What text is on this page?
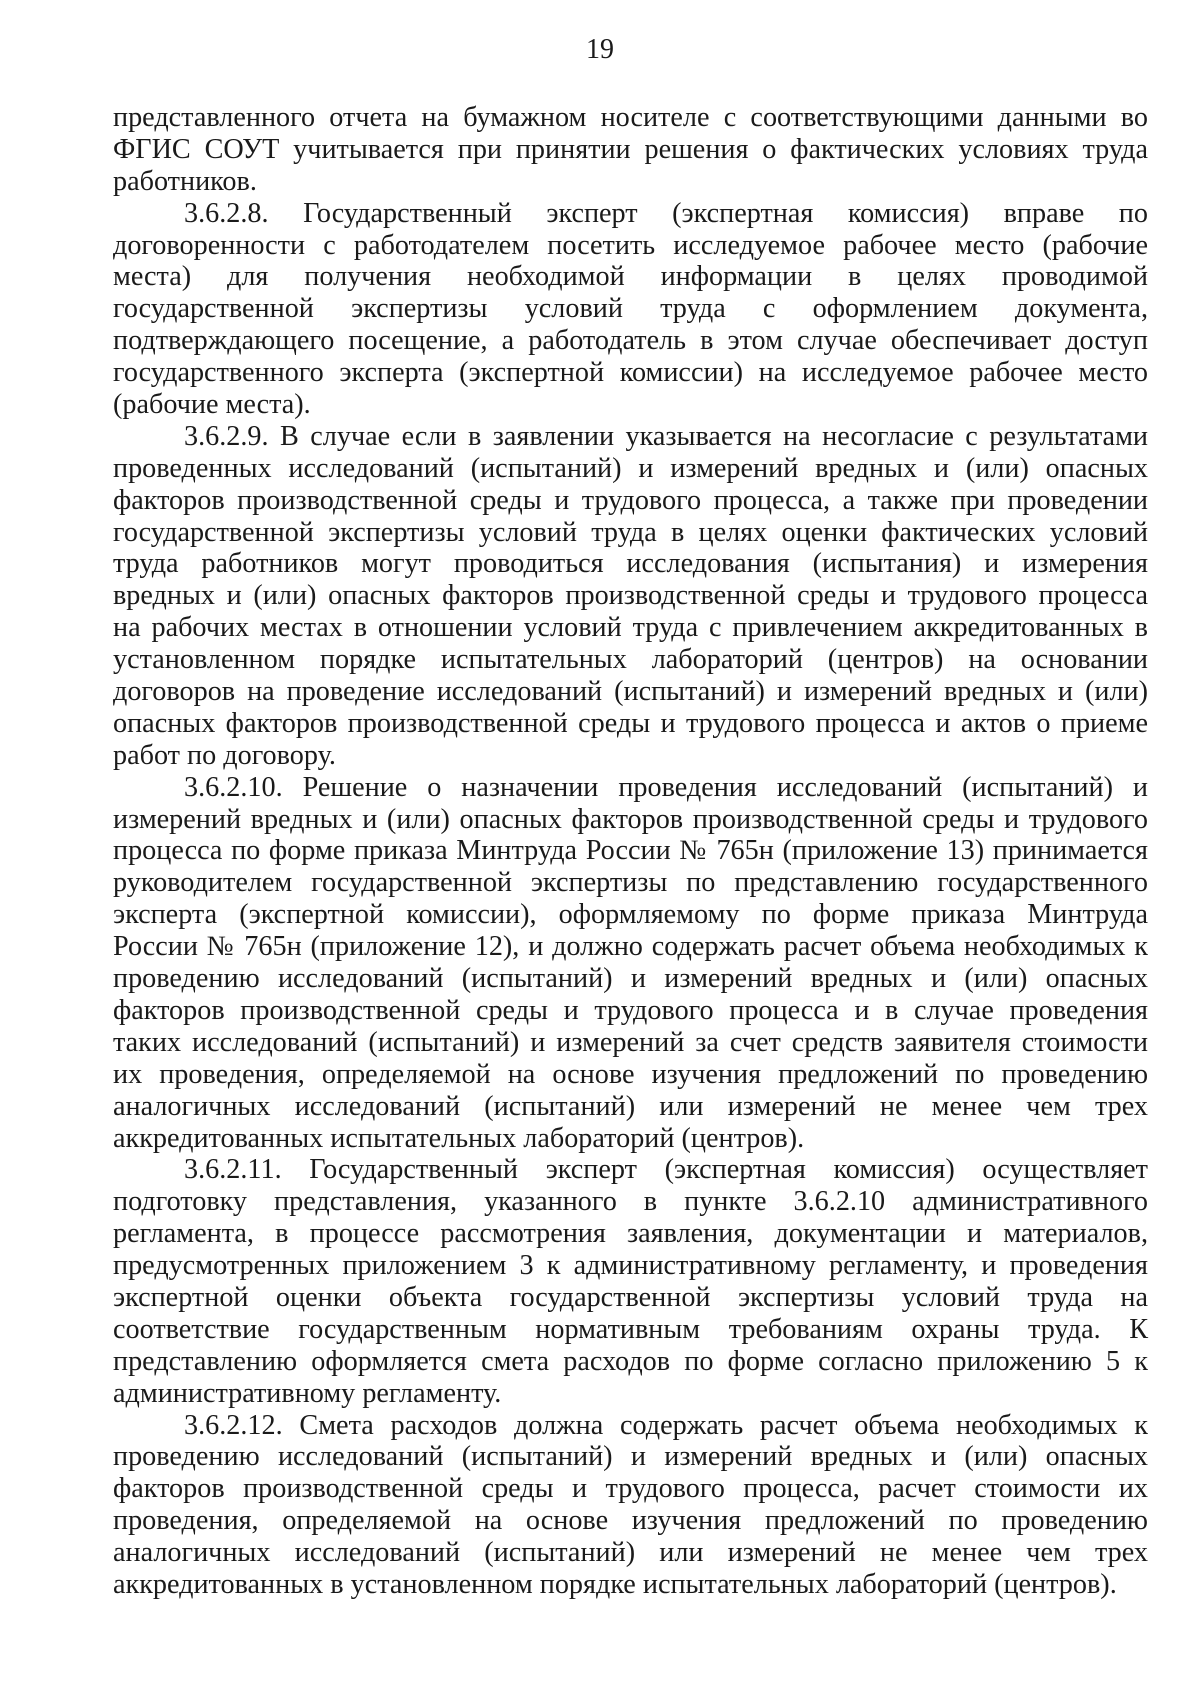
19
представленного отчета на бумажном носителе с соответствующими данными во
ФГИС СОУТ учитывается при принятии решения о фактических условиях труда
работников.
3.6.2.8. Государственный эксперт (экспертная комиссия) вправе по
договоренности с работодателем посетить исследуемое рабочее место (рабочие
места) для получения необходимой информации в целях проводимой
государственной экспертизы условий труда с оформлением документа,
подтверждающего посещение, а работодатель в этом случае обеспечивает доступ
государственного эксперта (экспертной комиссии) на исследуемое рабочее место
(рабочие места).
3.6.2.9. В случае если в заявлении указывается на несогласие с результатами
проведенных исследований (испытаний) и измерений вредных и (или) опасных
факторов производственной среды и трудового процесса, а также при проведении
государственной экспертизы условий труда в целях оценки фактических условий
труда работников могут проводиться исследования (испытания) и измерения
вредных и (или) опасных факторов производственной среды и трудового процесса
на рабочих местах в отношении условий труда с привлечением аккредитованных в
установленном порядке испытательных лабораторий (центров) на основании
договоров на проведение исследований (испытаний) и измерений вредных и (или)
опасных факторов производственной среды и трудового процесса и актов о приеме
работ по договору.
3.6.2.10. Решение о назначении проведения исследований (испытаний) и
измерений вредных и (или) опасных факторов производственной среды и трудового
процесса по форме приказа Минтруда России № 765н (приложение 13) принимается
руководителем государственной экспертизы по представлению государственного
эксперта (экспертной комиссии), оформляемому по форме приказа Минтруда
России № 765н (приложение 12), и должно содержать расчет объема необходимых к
проведению исследований (испытаний) и измерений вредных и (или) опасных
факторов производственной среды и трудового процесса и в случае проведения
таких исследований (испытаний) и измерений за счет средств заявителя стоимости
их проведения, определяемой на основе изучения предложений по проведению
аналогичных исследований (испытаний) или измерений не менее чем трех
аккредитованных испытательных лабораторий (центров).
3.6.2.11. Государственный эксперт (экспертная комиссия) осуществляет
подготовку представления, указанного в пункте 3.6.2.10 административного
регламента, в процессе рассмотрения заявления, документации и материалов,
предусмотренных приложением 3 к административному регламенту, и проведения
экспертной оценки объекта государственной экспертизы условий труда на
соответствие государственным нормативным требованиям охраны труда. К
представлению оформляется смета расходов по форме согласно приложению 5 к
административному регламенту.
3.6.2.12. Смета расходов должна содержать расчет объема необходимых к
проведению исследований (испытаний) и измерений вредных и (или) опасных
факторов производственной среды и трудового процесса, расчет стоимости их
проведения, определяемой на основе изучения предложений по проведению
аналогичных исследований (испытаний) или измерений не менее чем трех
аккредитованных в установленном порядке испытательных лабораторий (центров).
